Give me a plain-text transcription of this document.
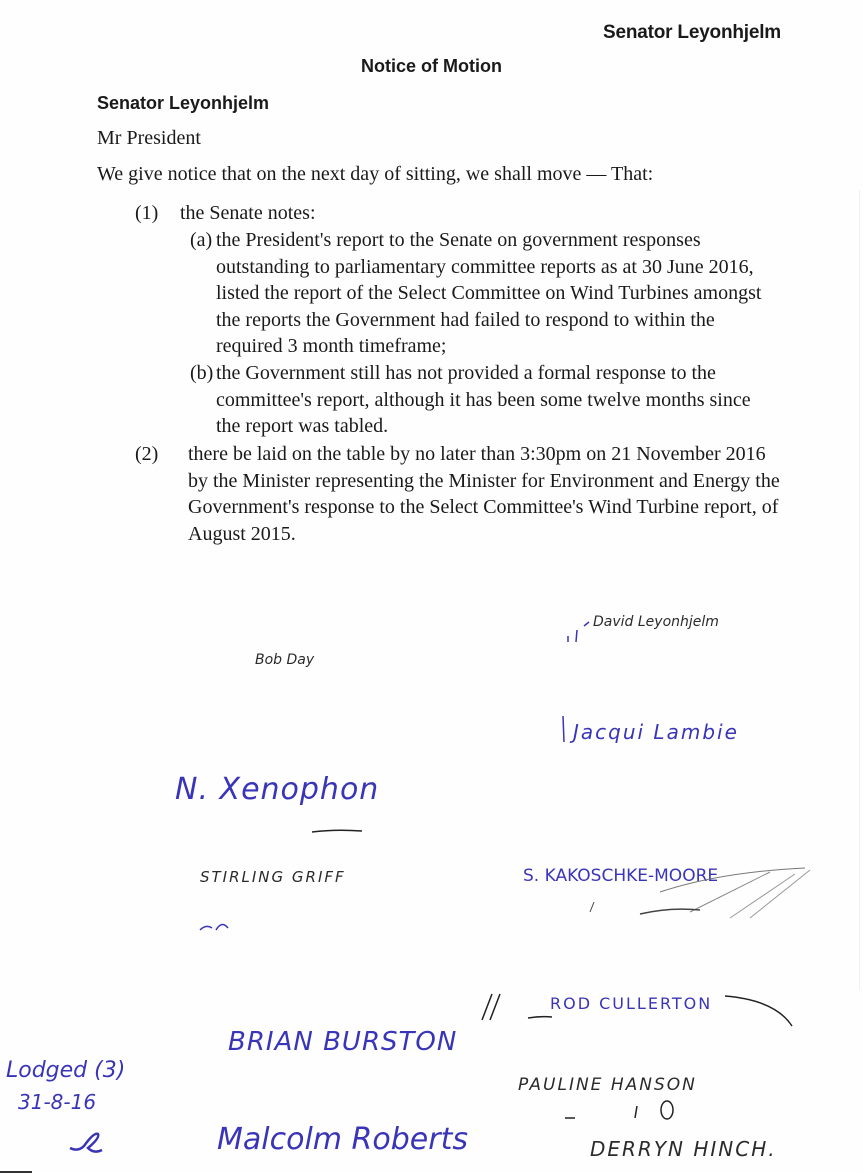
Senator Leyonhjelm
Notice of Motion
Senator Leyonhjelm
Mr President
We give notice that on the next day of sitting, we shall move — That:
(1) the Senate notes:
(a) the President's report to the Senate on government responses outstanding to parliamentary committee reports as at 30 June 2016, listed the report of the Select Committee on Wind Turbines amongst the reports the Government had failed to respond to within the required 3 month timeframe;
(b) the Government still has not provided a formal response to the committee's report, although it has been some twelve months since the report was tabled.
(2) there be laid on the table by no later than 3:30pm on 21 November 2016 by the Minister representing the Minister for Environment and Energy the Government's response to the Select Committee's Wind Turbine report, of August 2015.
Bob Day
David Leyonhjelm
Jacqui Lambie
N. Xenophon
STIRLING GRIFF	S. KAKOSCHKE-MOORE
ROD CULLERTON
BRIAN BURSTON
PAULINE HANSON
Malcolm Roberts	DERRYN HINCH.
Lodged (3)
31-8-16
